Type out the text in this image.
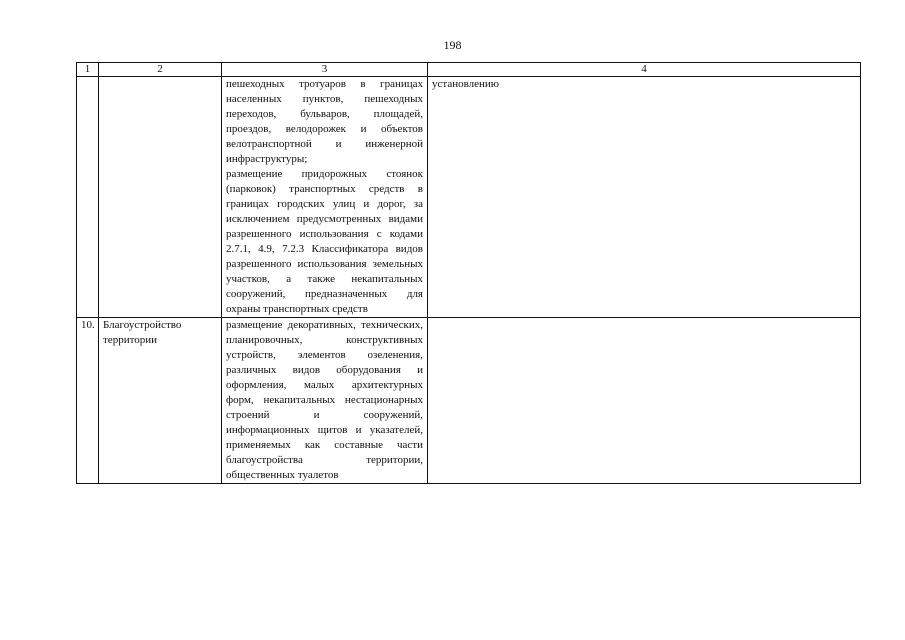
198
1	2	3	4

		пешеходных тротуаров в границах населенных пунктов, пешеходных переходов, бульваров, площадей, проездов, велодорожек и объектов велотранспортной и инженерной инфраструктуры;
размещение придорожных стоянок (парковок) транспортных средств в границах городских улиц и дорог, за исключением предусмотренных видами разрешенного использования с кодами 2.7.1, 4.9, 7.2.3 Классификатора видов разрешенного использования земельных участков, а также некапитальных сооружений, предназначенных для охраны транспортных средств	установлению
10.	Благоустройство территории	размещение декоративных, технических, планировочных, конструктивных устройств, элементов озеленения, различных видов оборудования и оформления, малых архитектурных форм, некапитальных нестационарных строений и сооружений, информационных щитов и указателей, применяемых как составные части благоустройства территории, общественных туалетов	
